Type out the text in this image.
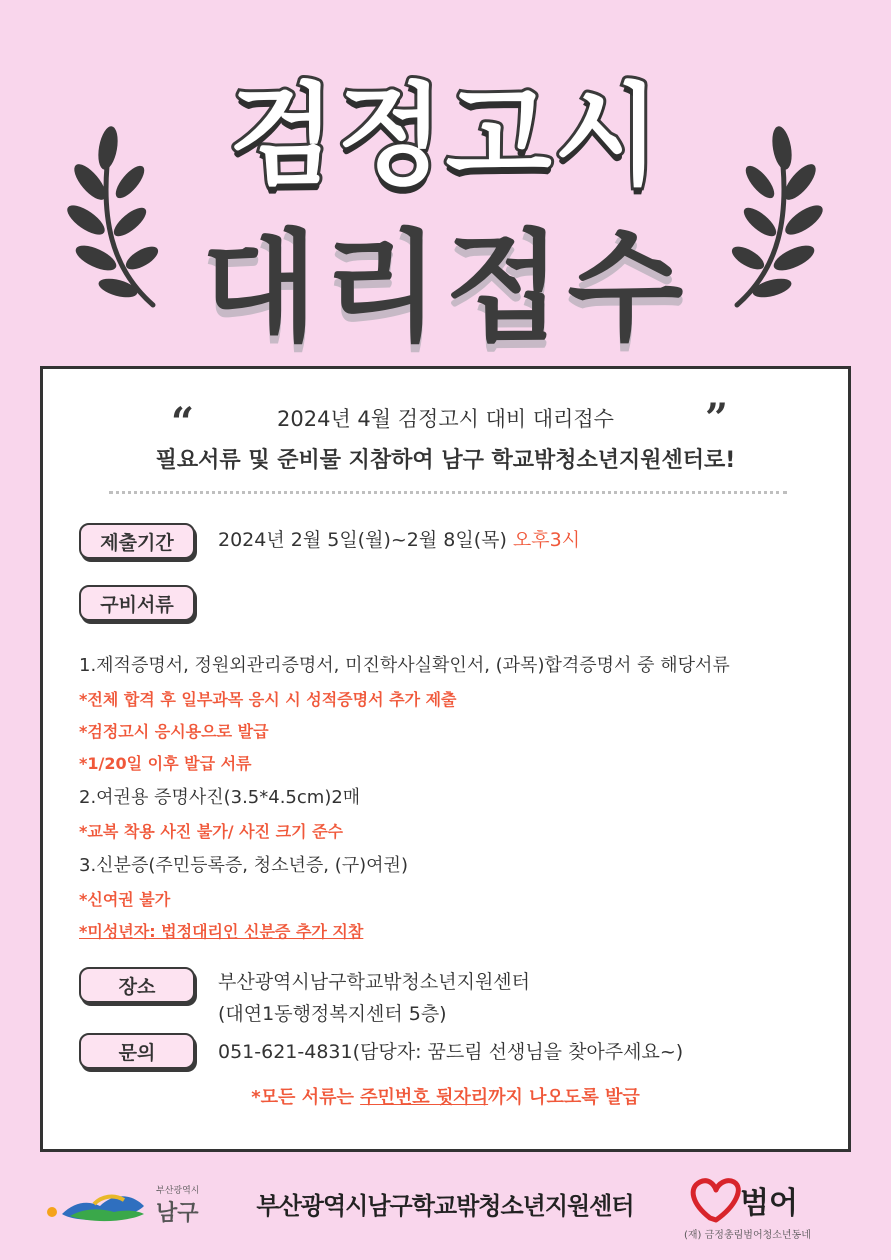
검정고시
대리접수
“	”
2024년 4월 검정고시 대비 대리접수
필요서류 및 준비물 지참하여 남구 학교밖청소년지원센터로!
제출기간	2024년 2월 5일(월)~2월 8일(목) 오후3시
구비서류
1.제적증명서, 정원외관리증명서, 미진학사실확인서, (과목)합격증명서 중 해당서류
*전체 합격 후 일부과목 응시 시 성적증명서 추가 제출
*검정고시 응시용으로 발급
*1/20일 이후 발급 서류
2.여권용 증명사진(3.5*4.5cm)2매
*교복 착용 사진 불가/ 사진 크기 준수
3.신분증(주민등록증, 청소년증, (구)여권)
*신여권 불가
*미성년자: 법정대리인 신분증 추가 지참
장소	부산광역시남구학교밖청소년지원센터
(대연1동행정복지센터 5층)
문의	051-621-4831(담당자: 꿈드림 선생님을 찾아주세요~)
*모든 서류는 주민번호 뒷자리까지 나오도록 발급
부산광역시
남구	부산광역시남구학교밖청소년지원센터	범어
(재) 금정총림범어청소년동네
